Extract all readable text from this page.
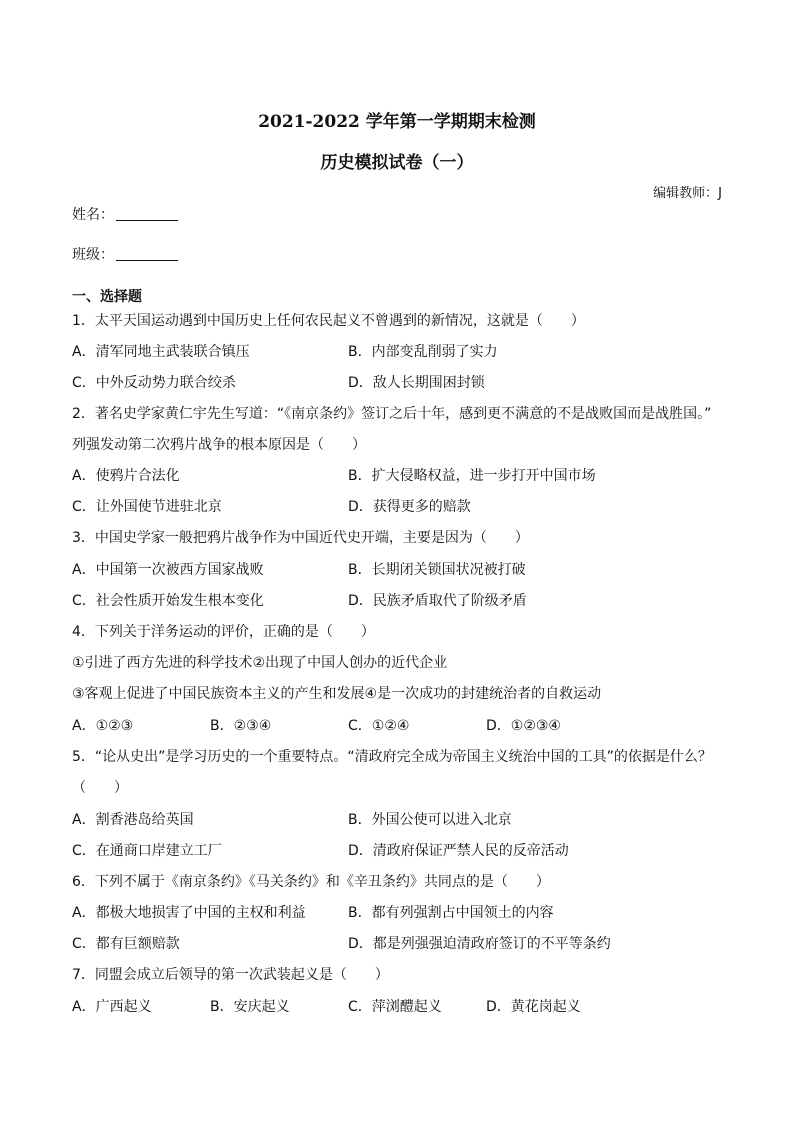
2021-2022 学年第一学期期末检测
历史模拟试卷（一）
编辑教师：J
姓名：
班级：
一、选择题
1．太平天国运动遇到中国历史上任何农民起义不曾遇到的新情况，这就是（　　）
A．清军同地主武装联合镇压	B．内部变乱削弱了实力
C．中外反动势力联合绞杀	D．敌人长期围困封锁
2．著名史学家黄仁宇先生写道：“《南京条约》签订之后十年，感到更不满意的不是战败国而是战胜国。”
列强发动第二次鸦片战争的根本原因是（　　）
A．使鸦片合法化	B．扩大侵略权益，进一步打开中国市场
C．让外国使节进驻北京	D．获得更多的赔款
3．中国史学家一般把鸦片战争作为中国近代史开端，主要是因为（　　）
A．中国第一次被西方国家战败	B．长期闭关锁国状况被打破
C．社会性质开始发生根本变化	D．民族矛盾取代了阶级矛盾
4．下列关于洋务运动的评价，正确的是（　　）
①引进了西方先进的科学技术②出现了中国人创办的近代企业
③客观上促进了中国民族资本主义的产生和发展④是一次成功的封建统治者的自救运动
A．①②③	B．②③④	C．①②④	D．①②③④
5．“论从史出”是学习历史的一个重要特点。“清政府完全成为帝国主义统治中国的工具”的依据是什么？
（　　）
A．割香港岛给英国	B．外国公使可以进入北京
C．在通商口岸建立工厂	D．清政府保证严禁人民的反帝活动
6．下列不属于《南京条约》《马关条约》和《辛丑条约》共同点的是（　　）
A．都极大地损害了中国的主权和利益	B．都有列强割占中国领土的内容
C．都有巨额赔款	D．都是列强强迫清政府签订的不平等条约
7．同盟会成立后领导的第一次武装起义是（　　）
A．广西起义	B．安庆起义	C．萍浏醴起义	D．黄花岗起义
